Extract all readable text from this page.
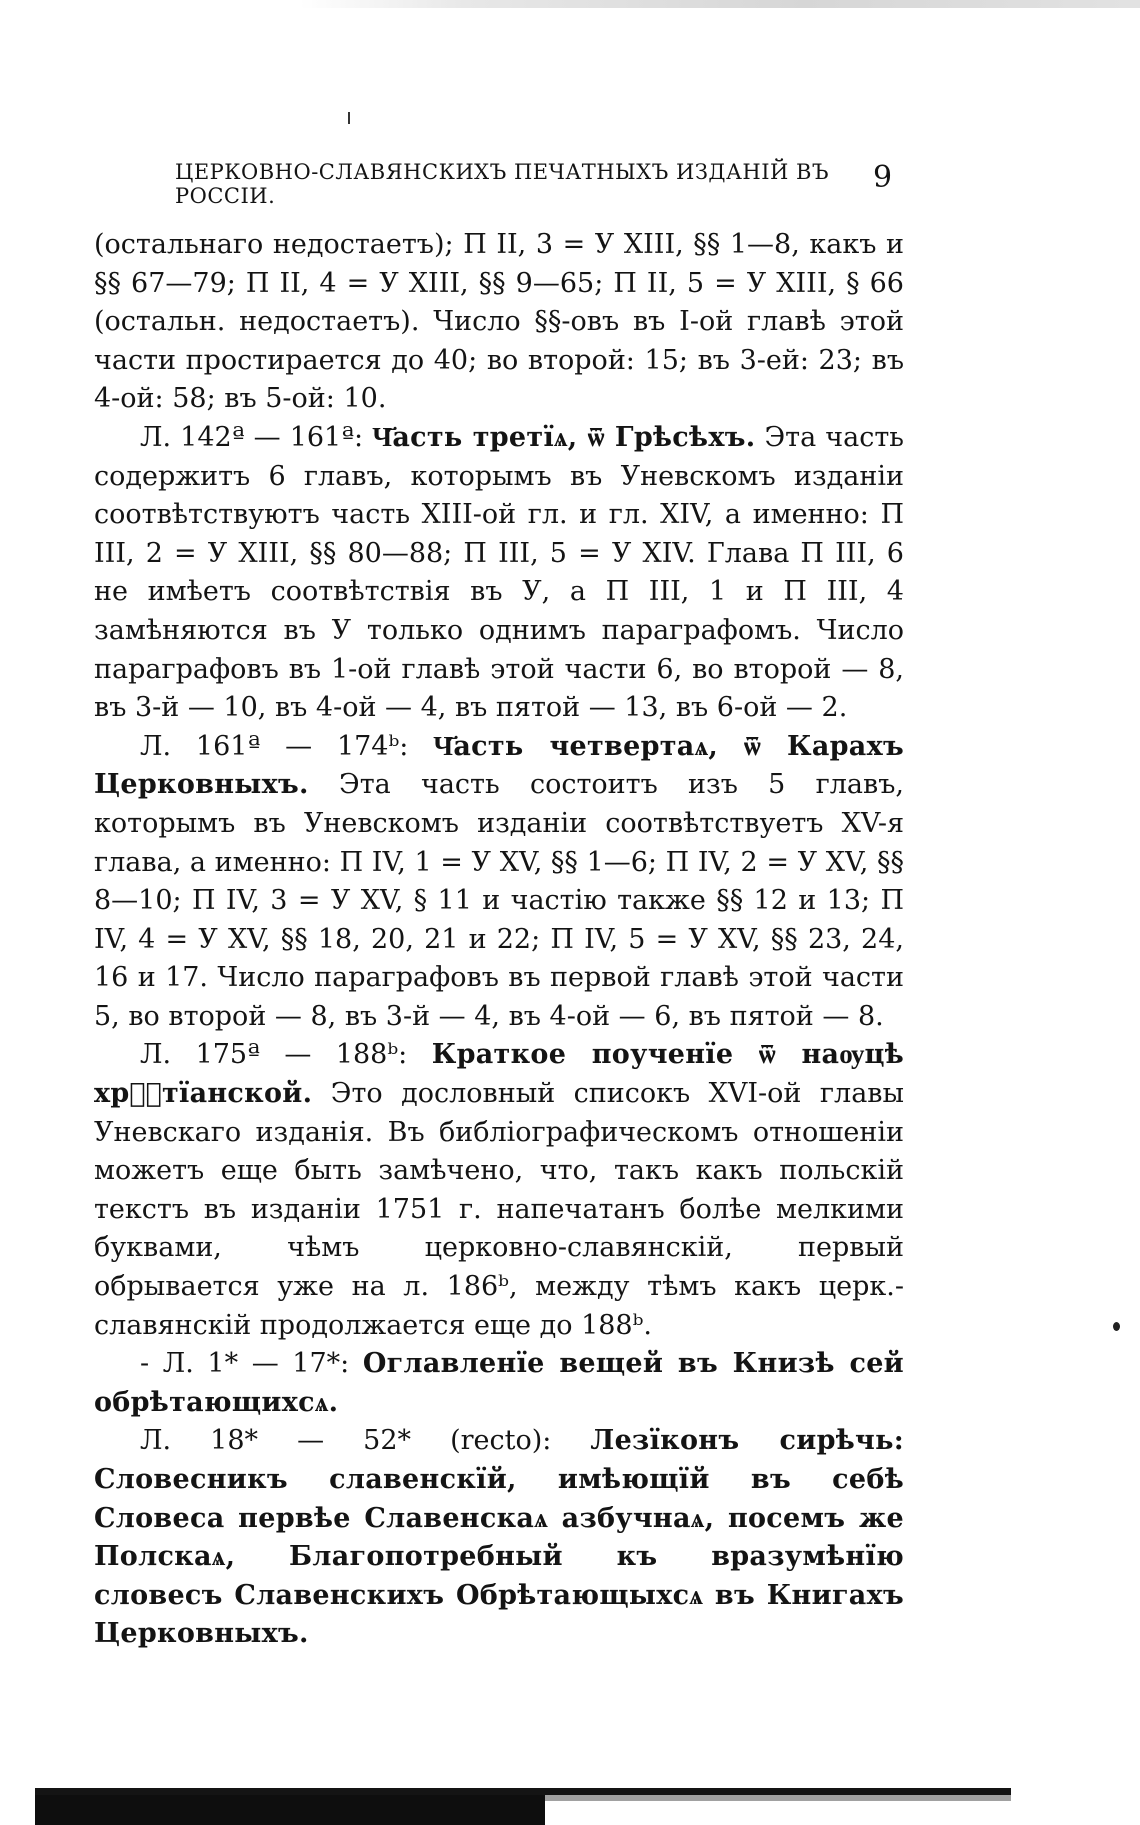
ЦЕРКОВНО-СЛАВЯНСКИХЪ ПЕЧАТНЫХЪ ИЗДАНІЙ ВЪ РОССІИ.
9

(остальнаго недостаетъ); П II, 3 = У XIII, §§ 1—8, какъ и §§ 67—79; П II, 4 = У XIII, §§ 9—65; П II, 5 = У XIII, § 66 (остальн. недостаетъ). Число §§-овъ въ I-ой главѣ этой части простирается до 40; во второй: 15; въ 3-ей: 23; въ 4-ой: 58; въ 5-ой: 10.

Л. 142ª — 161ª: Ч҃асть третїѧ, ѿ Грѣсѣхъ. Эта часть содержитъ 6 главъ, которымъ въ Уневскомъ изданіи соотвѣтствуютъ часть XIII-ой гл. и гл. XIV, а именно: П III, 2 = У XIII, §§ 80—88; П III, 5 = У XIV. Глава П III, 6 не имѣетъ соотвѣтствія въ У, а П III, 1 и П III, 4 замѣняются въ У только однимъ параграфомъ. Число параграфовъ въ 1-ой главѣ этой части 6, во второй — 8, въ 3-й — 10, въ 4-ой — 4, въ пятой — 13, въ 6-ой — 2.

Л. 161ª — 174ᵇ: Ч҃асть четвертаѧ, ѿ Карахъ Церковныхъ. Эта часть состоитъ изъ 5 главъ, которымъ въ Уневскомъ изданіи соотвѣтствуетъ XV-я глава, а именно: П IV, 1 = У XV, §§ 1—6; П IV, 2 = У XV, §§ 8—10; П IV, 3 = У XV, § 11 и частію также §§ 12 и 13; П IV, 4 = У XV, §§ 18, 20, 21 и 22; П IV, 5 = У XV, §§ 23, 24, 16 и 17. Число параграфовъ въ первой главѣ этой части 5, во второй — 8, въ 3-й — 4, въ 4-ой — 6, въ пятой — 8.

Л. 175ª — 188ᵇ: Краткое поученїе ѿ наѹцѣ хрⷭ҇тїанской. Это дословный списокъ XVI-ой главы Уневскаго изданія. Въ библіографическомъ отношеніи можетъ еще быть замѣчено, что, такъ какъ польскій текстъ въ изданіи 1751 г. напечатанъ болѣе мелкими буквами, чѣмъ церковно-славянскій, первый обрывается уже на л. 186ᵇ, между тѣмъ какъ церк.-славянскій продолжается еще до 188ᵇ.

- Л. 1* — 17*: Оглавленїе вещей въ Книзѣ сей обрѣтающихсѧ.

Л. 18* — 52* (recto): Лезїконъ сирѣчь: Словесникъ славенскїй, имѣющїй въ себѣ Словеса первѣе Славенскаѧ азбучнаѧ, посемъ же Полскаѧ, Благопотребный къ вразумѣнїю словесъ Славенскихъ Обрѣтающыхсѧ въ Книгахъ Церковныхъ.
